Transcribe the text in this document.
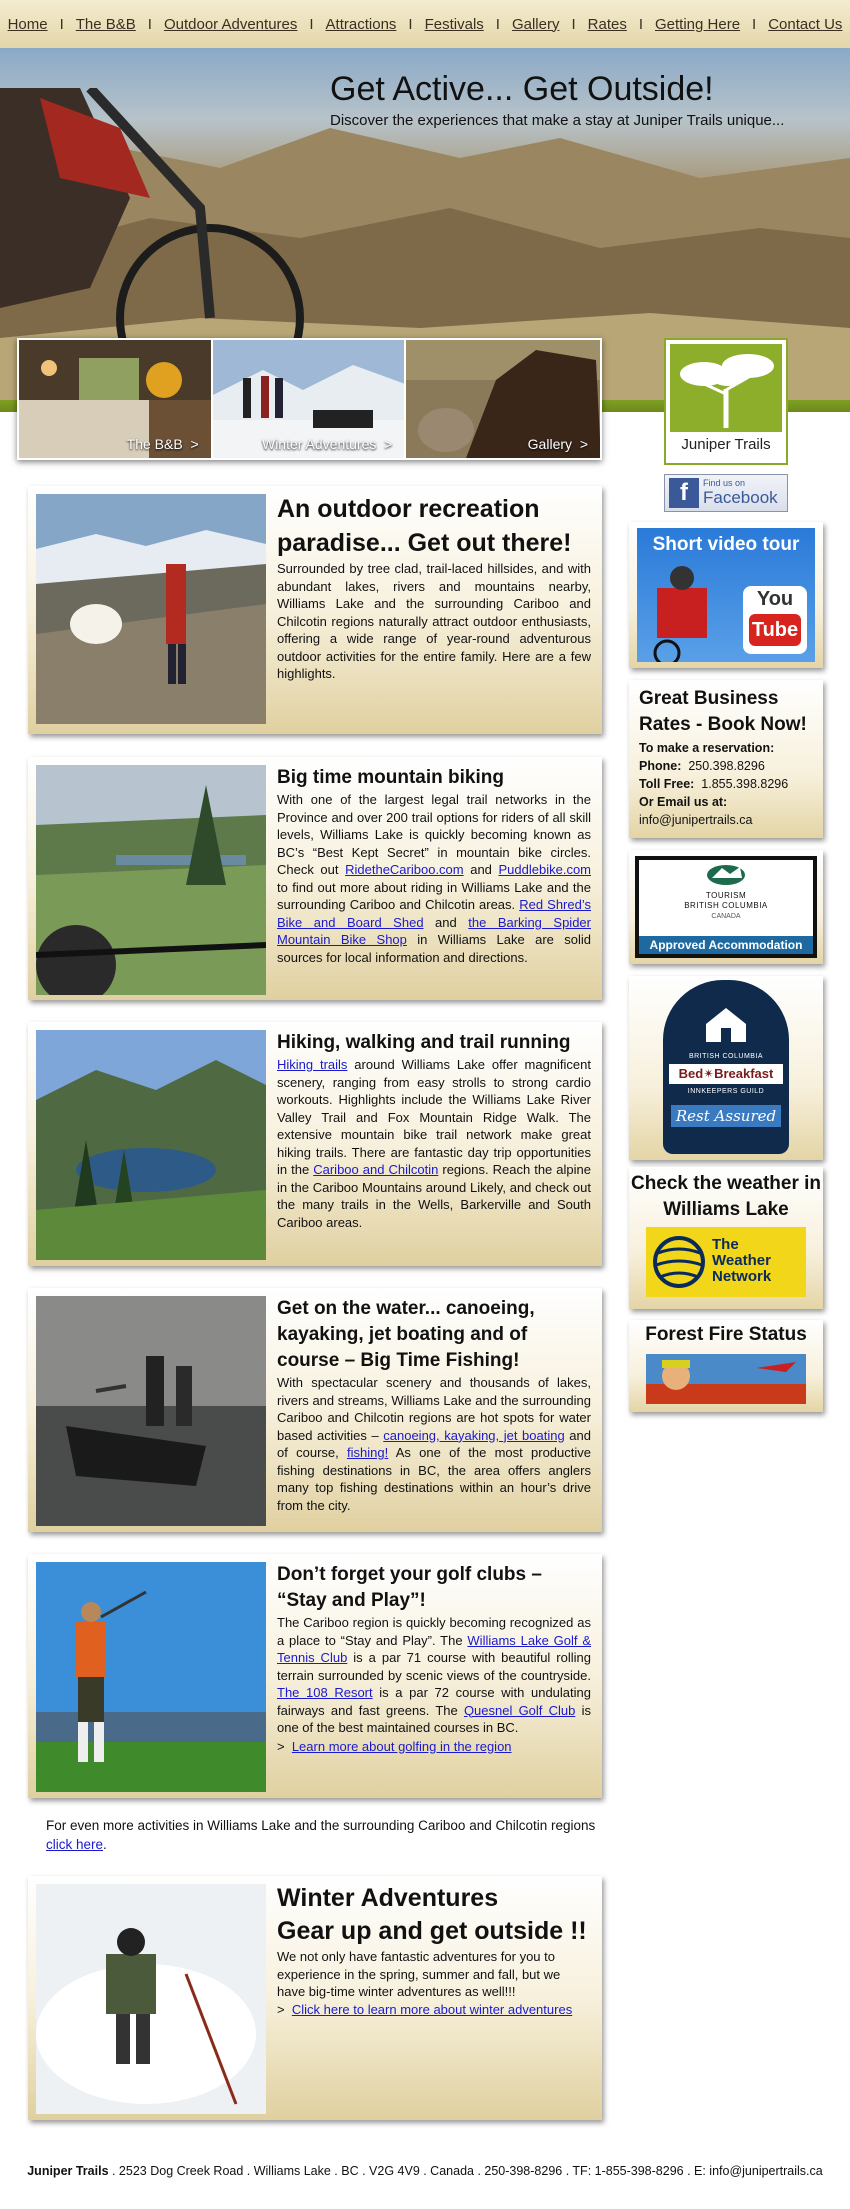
Home I The B&B I Outdoor Adventures I Attractions I Festivals I Gallery I Rates I Getting Here I Contact Us
Get Active... Get Outside!
Discover the experiences that make a stay at Juniper Trails unique...
The B&B >	Winter Adventures >	Gallery >	Juniper Trails
f	Find us on
Facebook
An outdoor recreation paradise... Get out there!

Surrounded by tree clad, trail-laced hillsides, and with abundant lakes, rivers and mountains nearby, Williams Lake and the surrounding Cariboo and Chilcotin regions naturally attract outdoor enthusiasts, offering a wide range of year-round adventurous outdoor activities for the entire family. Here are a few highlights.

Big time mountain biking

With one of the largest legal trail networks in the Province and over 200 trail options for riders of all skill levels, Williams Lake is quickly becoming known as BC’s “Best Kept Secret” in mountain bike circles. Check out RidetheCariboo.com and Puddlebike.com to find out more about riding in Williams Lake and the surrounding Cariboo and Chilcotin areas. Red Shred’s Bike and Board Shed and the Barking Spider Mountain Bike Shop in Williams Lake are solid sources for local information and directions.

Hiking, walking and trail running

Hiking trails around Williams Lake offer magnificent scenery, ranging from easy strolls to strong cardio workouts. Highlights include the Williams Lake River Valley Trail and Fox Mountain Ridge Walk. The extensive mountain bike trail network make great hiking trails. There are fantastic day trip opportunities in the Cariboo and Chilcotin regions. Reach the alpine in the Cariboo Mountains around Likely, and check out the many trails in the Wells, Barkerville and South Cariboo areas.

Get on the water... canoeing, kayaking, jet boating and of course – Big Time Fishing!

With spectacular scenery and thousands of lakes, rivers and streams, Williams Lake and the surrounding Cariboo and Chilcotin regions are hot spots for water based activities – canoeing, kayaking, jet boating and of course, fishing! As one of the most productive fishing destinations in BC, the area offers anglers many top fishing destinations within an hour’s drive from the city.

Don’t forget your golf clubs – “Stay and Play”!

The Cariboo region is quickly becoming recognized as a place to “Stay and Play”. The Williams Lake Golf & Tennis Club is a par 71 course with beautiful rolling terrain surrounded by scenic views of the countryside. The 108 Resort is a par 72 course with undulating fairways and fast greens. The Quesnel Golf Club is one of the best maintained courses in BC.

> Learn more about golfing in the region

For even more activities in Williams Lake and the surrounding Cariboo and Chilcotin regions click here.
Winter Adventures
Gear up and get outside !!

We not only have fantastic adventures for you to experience in the spring, summer and fall, but we have big-time winter adventures as well!!!

> Click here to learn more about winter adventures

Short video tour
You
Tube
Great Business Rates - Book Now!
To make a reservation:
Phone: 250.398.8296
Toll Free: 1.855.398.8296
Or Email us at:
info@junipertrails.ca
TOURISM
BRITISH COLUMBIA
CANADA
Approved Accommodation
BRITISH COLUMBIA
Bed✴Breakfast
INNKEEPERS GUILD
Rest Assured
Check the weather in Williams Lake
The
Weather
Network
Forest Fire Status
Juniper Trails . 2523 Dog Creek Road . Williams Lake . BC . V2G 4V9 . Canada . 250-398-8296 . TF: 1-855-398-8296 . E: info@junipertrails.ca
